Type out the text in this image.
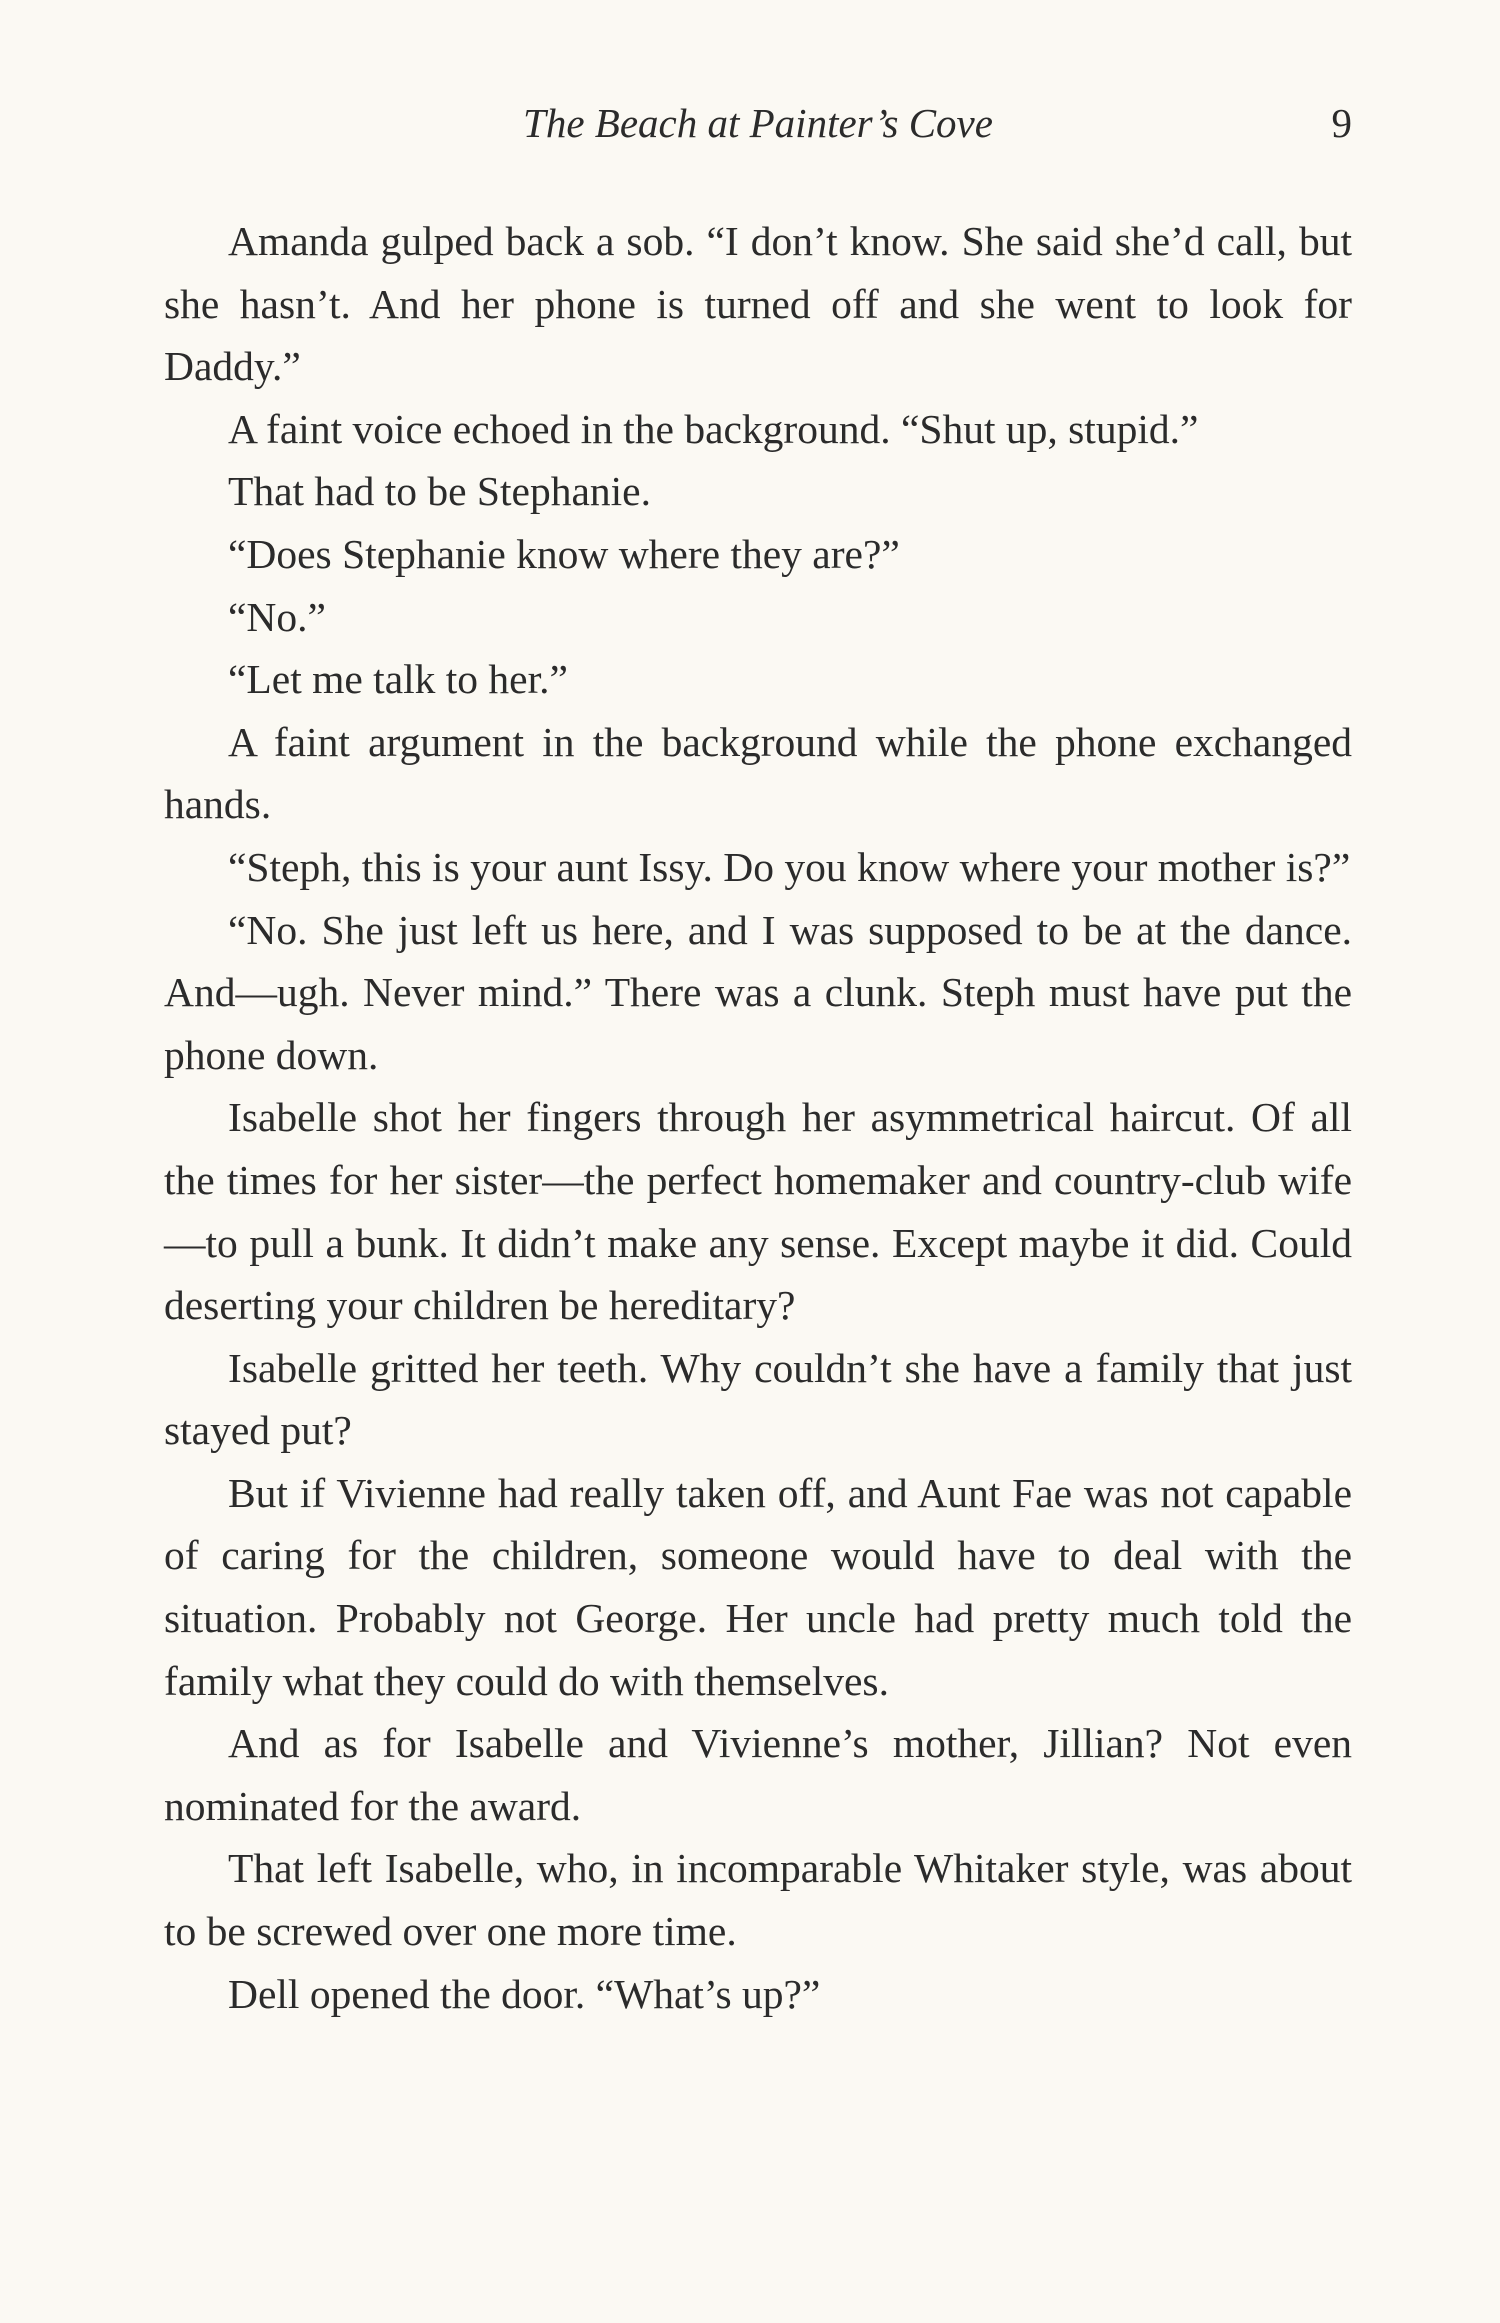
The Beach at Painter’s Cove	9

Amanda gulped back a sob. “I don’t know. She said she’d call, but she hasn’t. And her phone is turned off and she went to look for Daddy.”

A faint voice echoed in the background. “Shut up, stupid.”

That had to be Stephanie.

“Does Stephanie know where they are?”

“No.”

“Let me talk to her.”

A faint argument in the background while the phone exchanged hands.

“Steph, this is your aunt Issy. Do you know where your mother is?”

“No. She just left us here, and I was supposed to be at the dance. And—ugh. Never mind.” There was a clunk. Steph must have put the phone down.

Isabelle shot her fingers through her asymmetrical haircut. Of all the times for her sister—the perfect homemaker and country-club wife—to pull a bunk. It didn’t make any sense. Except maybe it did. Could deserting your children be hereditary?

Isabelle gritted her teeth. Why couldn’t she have a family that just stayed put?

But if Vivienne had really taken off, and Aunt Fae was not capable of caring for the children, someone would have to deal with the situation. Probably not George. Her uncle had pretty much told the family what they could do with themselves.

And as for Isabelle and Vivienne’s mother, Jillian? Not even nominated for the award.

That left Isabelle, who, in incomparable Whitaker style, was about to be screwed over one more time.

Dell opened the door. “What’s up?”
